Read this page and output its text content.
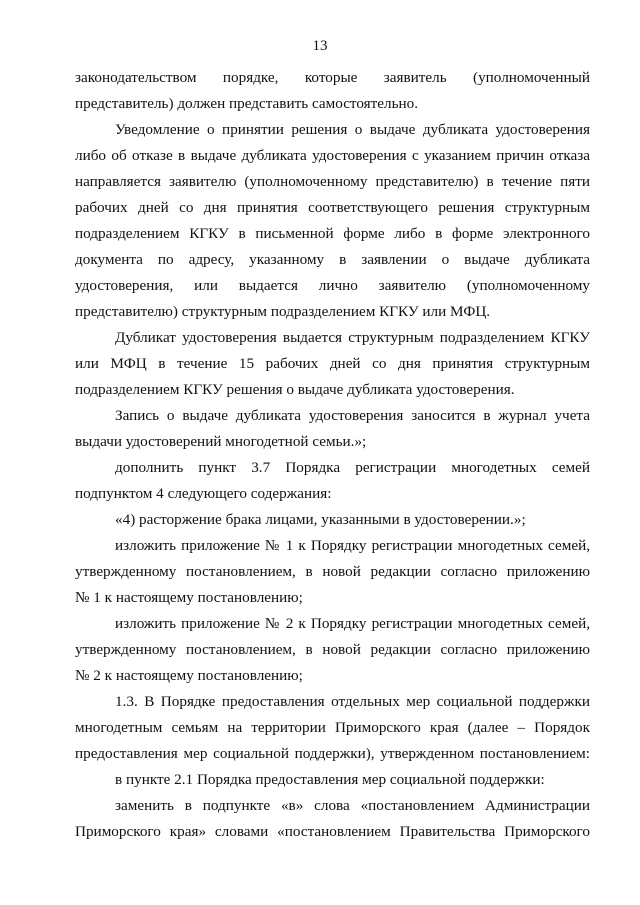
13
законодательством порядке, которые заявитель (уполномоченный
представитель) должен представить самостоятельно.
Уведомление о принятии решения о выдаче дубликата удостоверения
либо об отказе в выдаче дубликата удостоверения с указанием причин отказа
направляется заявителю (уполномоченному представителю) в течение пяти
рабочих дней со дня принятия соответствующего решения структурным
подразделением КГКУ в письменной форме либо в форме электронного
документа по адресу, указанному в заявлении о выдаче дубликата
удостоверения, или выдается лично заявителю (уполномоченному
представителю) структурным подразделением КГКУ или МФЦ.
Дубликат удостоверения выдается структурным подразделением КГКУ
или МФЦ в течение 15 рабочих дней со дня принятия структурным
подразделением КГКУ решения о выдаче дубликата удостоверения.
Запись о выдаче дубликата удостоверения заносится в журнал учета
выдачи удостоверений многодетной семьи.»;
дополнить пункт 3.7 Порядка регистрации многодетных семей
подпунктом 4 следующего содержания:
«4) расторжение брака лицами, указанными в удостоверении.»;
изложить приложение № 1 к Порядку регистрации многодетных семей,
утвержденному постановлением, в новой редакции согласно приложению
№ 1 к настоящему постановлению;
изложить приложение № 2 к Порядку регистрации многодетных семей,
утвержденному постановлением, в новой редакции согласно приложению
№ 2 к настоящему постановлению;
1.3. В Порядке предоставления отдельных мер социальной поддержки
многодетным семьям на территории Приморского края (далее – Порядок
предоставления мер социальной поддержки), утвержденном постановлением:
в пункте 2.1 Порядка предоставления мер социальной поддержки:
заменить в подпункте «в» слова «постановлением Администрации
Приморского края» словами «постановлением Правительства Приморского
